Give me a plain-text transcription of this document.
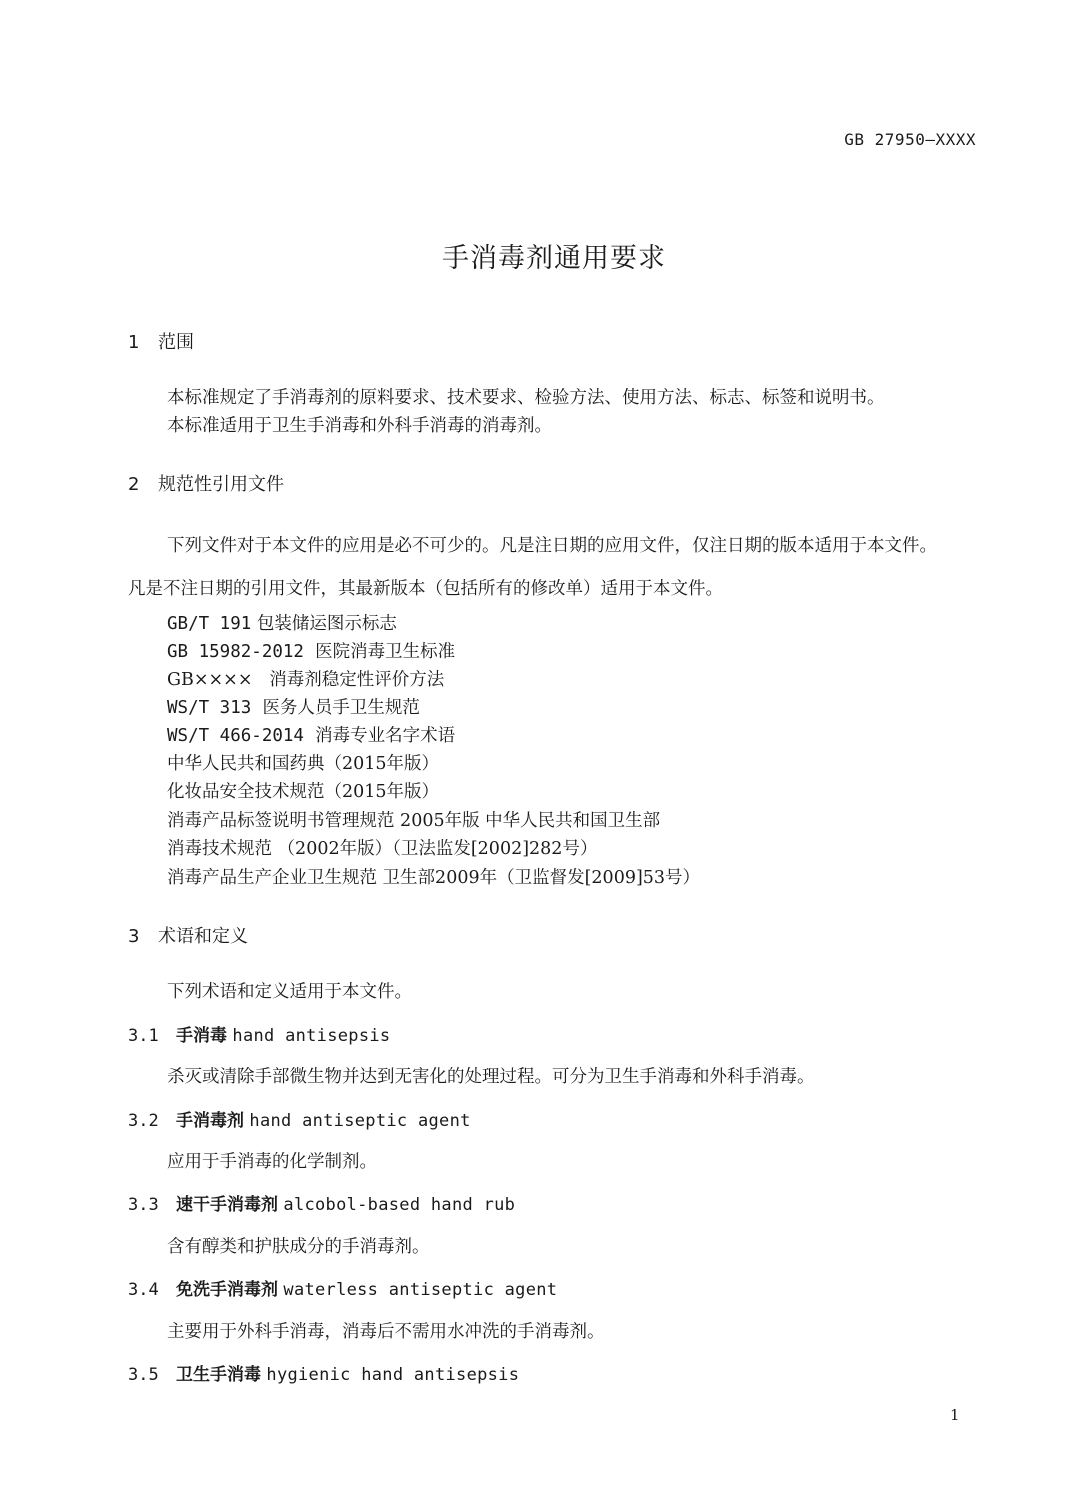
GB 27950—XXXX
手消毒剂通用要求
1 范围
本标准规定了手消毒剂的原料要求、技术要求、检验方法、使用方法、标志、标签和说明书。
本标准适用于卫生手消毒和外科手消毒的消毒剂。
2 规范性引用文件
下列文件对于本文件的应用是必不可少的。凡是注日期的应用文件，仅注日期的版本适用于本文件。
凡是不注日期的引用文件，其最新版本（包括所有的修改单）适用于本文件。
GB/T 191 包装储运图示标志
GB 15982-2012 医院消毒卫生标准
GB×××× 消毒剂稳定性评价方法
WS/T 313 医务人员手卫生规范
WS/T 466-2014 消毒专业名字术语
中华人民共和国药典（2015年版）
化妆品安全技术规范（2015年版）
消毒产品标签说明书管理规范 2005年版 中华人民共和国卫生部
消毒技术规范 （2002年版）（卫法监发[2002]282号）
消毒产品生产企业卫生规范 卫生部2009年（卫监督发[2009]53号）
3 术语和定义
下列术语和定义适用于本文件。
3.1 手消毒 hand antisepsis
杀灭或清除手部微生物并达到无害化的处理过程。可分为卫生手消毒和外科手消毒。
3.2 手消毒剂 hand antiseptic agent
应用于手消毒的化学制剂。
3.3 速干手消毒剂 alcobol-based hand rub
含有醇类和护肤成分的手消毒剂。
3.4 免洗手消毒剂 waterless antiseptic agent
主要用于外科手消毒，消毒后不需用水冲洗的手消毒剂。
3.5 卫生手消毒 hygienic hand antisepsis
1
